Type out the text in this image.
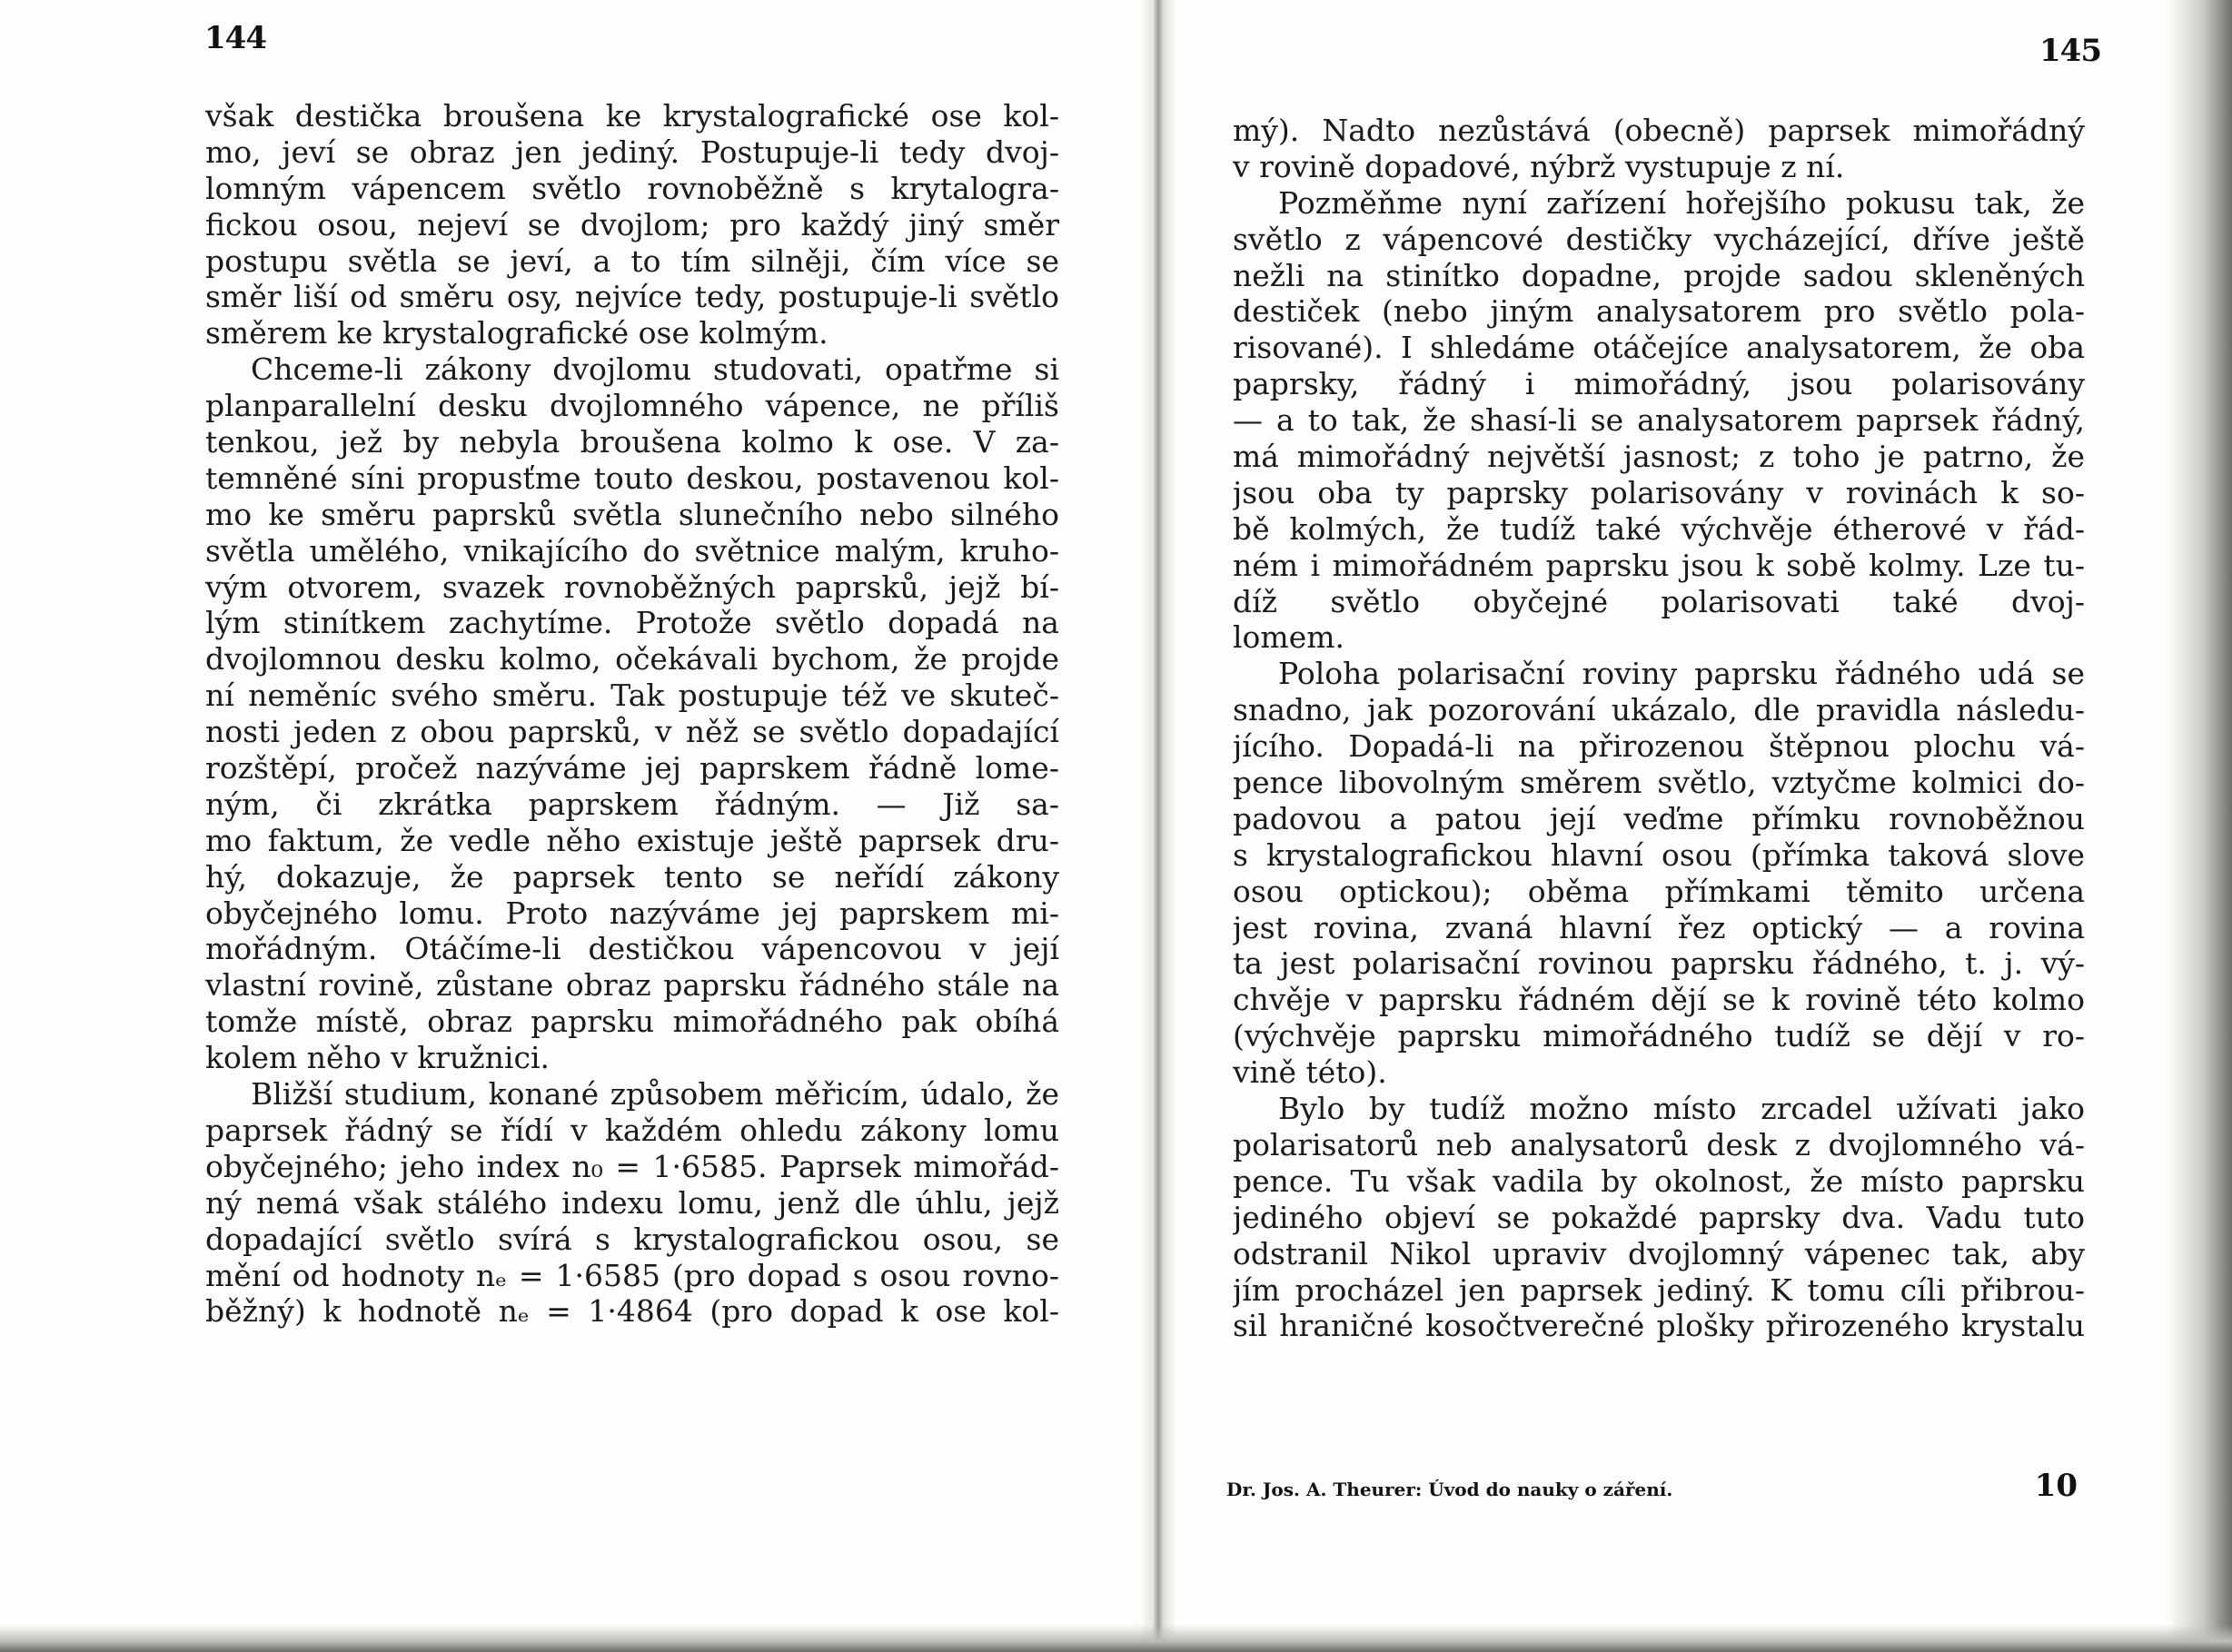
144	145
však destička broušena ke krystalografické ose kol-
mo, jeví se obraz jen jediný. Postupuje-li tedy dvoj-
lomným vápencem světlo rovnoběžně s krytalogra-
fickou osou, nejeví se dvojlom; pro každý jiný směr
postupu světla se jeví, a to tím silněji, čím více se
směr liší od směru osy, nejvíce tedy, postupuje-li světlo
směrem ke krystalografické ose kolmým.
Chceme-li zákony dvojlomu studovati, opatřme si
planparallelní desku dvojlomného vápence, ne příliš
tenkou, jež by nebyla broušena kolmo k ose. V za-
temněné síni propusťme touto deskou, postavenou kol-
mo ke směru paprsků světla slunečního nebo silného
světla umělého, vnikajícího do světnice malým, kruho-
vým otvorem, svazek rovnoběžných paprsků, jejž bí-
lým stinítkem zachytíme. Protože světlo dopadá na
dvojlomnou desku kolmo, očekávali bychom, že projde
ní neměníc svého směru. Tak postupuje též ve skuteč-
nosti jeden z obou paprsků, v něž se světlo dopadající
rozštěpí, pročež nazýváme jej paprskem řádně lome-
ným, či zkrátka paprskem řádným. — Již sa-
mo faktum, že vedle něho existuje ještě paprsek dru-
hý, dokazuje, že paprsek tento se neřídí zákony
obyčejného lomu. Proto nazýváme jej paprskem mi-
mořádným. Otáčíme-li destičkou vápencovou v její
vlastní rovině, zůstane obraz paprsku řádného stále na
tomže místě, obraz paprsku mimořádného pak obíhá
kolem něho v kružnici.
Bližší studium, konané způsobem měřicím, údalo, že
paprsek řádný se řídí v každém ohledu zákony lomu
obyčejného; jeho index n₀ = 1·6585. Paprsek mimořád-
ný nemá však stálého indexu lomu, jenž dle úhlu, jejž
dopadající světlo svírá s krystalografickou osou, se
mění od hodnoty nₑ = 1·6585 (pro dopad s osou rovno-
běžný) k hodnotě nₑ = 1·4864 (pro dopad k ose kol-
mý). Nadto nezůstává (obecně) paprsek mimořádný
v rovině dopadové, nýbrž vystupuje z ní.
Pozměňme nyní zařízení hořejšího pokusu tak, že
světlo z vápencové destičky vycházející, dříve ještě
nežli na stinítko dopadne, projde sadou skleněných
destiček (nebo jiným analysatorem pro světlo pola-
risované). I shledáme otáčejíce analysatorem, že oba
paprsky, řádný i mimořádný, jsou polarisovány
— a to tak, že shasí-li se analysatorem paprsek řádný,
má mimořádný největší jasnost; z toho je patrno, že
jsou oba ty paprsky polarisovány v rovinách k so-
bě kolmých, že tudíž také výchvěje étherové v řád-
ném i mimořádném paprsku jsou k sobě kolmy. Lze tu-
díž světlo obyčejné polarisovati také dvoj-
lomem.
Poloha polarisační roviny paprsku řádného udá se
snadno, jak pozorování ukázalo, dle pravidla následu-
jícího. Dopadá-li na přirozenou štěpnou plochu vá-
pence libovolným směrem světlo, vztyčme kolmici do-
padovou a patou její veďme přímku rovnoběžnou
s krystalografickou hlavní osou (přímka taková slove
osou optickou); oběma přímkami těmito určena
jest rovina, zvaná hlavní řez optický — a rovina
ta jest polarisační rovinou paprsku řádného, t. j. vý-
chvěje v paprsku řádném dějí se k rovině této kolmo
(výchvěje paprsku mimořádného tudíž se dějí v ro-
vině této).
Bylo by tudíž možno místo zrcadel užívati jako
polarisatorů neb analysatorů desk z dvojlomného vá-
pence. Tu však vadila by okolnost, že místo paprsku
jediného objeví se pokaždé paprsky dva. Vadu tuto
odstranil Nikol upraviv dvojlomný vápenec tak, aby
jím procházel jen paprsek jediný. K tomu cíli přibrou-
sil hraničné kosočtverečné plošky přirozeného krystalu
Dr. Jos. A. Theurer: Úvod do nauky o záření.	10
